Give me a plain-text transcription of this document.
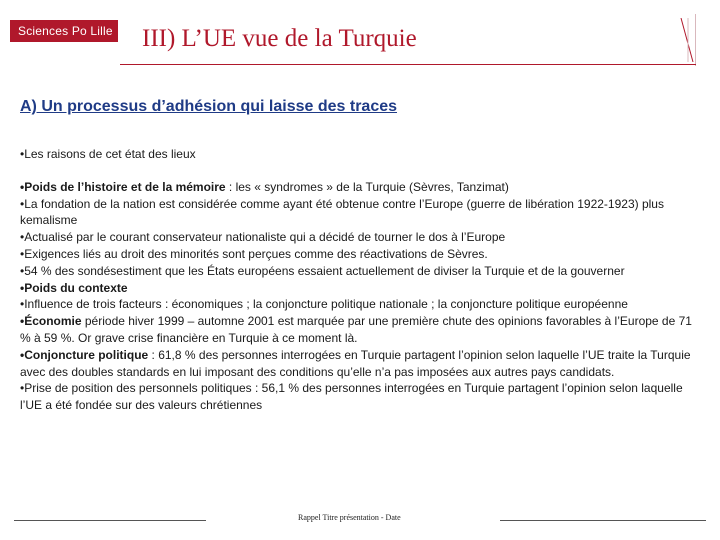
Sciences Po Lille III) L’UE vue de la Turquie
A) Un processus d’adhésion qui laisse des traces

•Les raisons de cet état des lieux

•Poids de l’histoire et de la mémoire : les « syndromes » de la Turquie (Sèvres, Tanzimat)

•La fondation de la nation est considérée comme ayant été obtenue contre l’Europe (guerre de libération 1922-1923) plus kemalisme

•Actualisé par le courant conservateur nationaliste qui a décidé de tourner le dos à l’Europe

•Exigences liés au droit des minorités sont perçues comme des réactivations de Sèvres.

•54 % des sondésestiment que les États européens essaient actuellement de diviser la Turquie et de la gouverner

•Poids du contexte

•Influence de trois facteurs : économiques ; la conjoncture politique nationale ; la conjoncture politique européenne

•Économie période hiver 1999 – automne 2001 est marquée par une première chute des opinions favorables à l’Europe de 71 % à 59 %. Or grave crise financière en Turquie à ce moment là.

•Conjoncture politique : 61,8 % des personnes interrogées en Turquie partagent l’opinion selon laquelle l’UE traite la Turquie avec des doubles standards en lui imposant des conditions qu’elle n’a pas imposées aux autres pays candidats.

•Prise de position des personnels politiques : 56,1 % des personnes interrogées en Turquie partagent l’opinion selon laquelle l’UE a été fondée sur des valeurs chrétiennes

Rappel Titre présentation - Date
